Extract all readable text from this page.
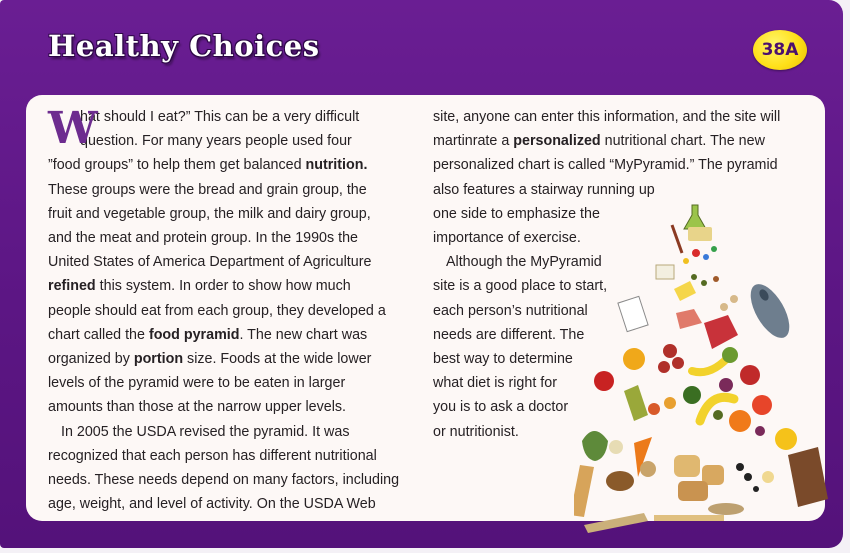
Healthy Choices	38A

W
hat should I eat?” This can be a very difficult

question. For many years people used four

”food groups” to help them get balanced nutrition.

These groups were the bread and grain group, the

fruit and vegetable group, the milk and dairy group,

and the meat and protein group. In the 1990s the

United States of America Department of Agriculture

refined this system. In order to show how much

people should eat from each group, they developed a

chart called the food pyramid. The new chart was

organized by portion size. Foods at the wide lower

levels of the pyramid were to be eaten in larger

amounts than those at the narrow upper levels.

In 2005 the USDA revised the pyramid. It was

recognized that each person has different nutritional

needs. These needs depend on many factors, including

age, weight, and level of activity. On the USDA Web

site, anyone can enter this information, and the site will

martinrate a personalized nutritional chart. The new

personalized chart is called “MyPyramid.” The pyramid

also features a stairway running up

one side to emphasize the

importance of exercise.

Although the MyPyramid

site is a good place to start,

each person’s nutritional

needs are different. The

best way to determine

what diet is right for

you is to ask a doctor

or nutritionist.
